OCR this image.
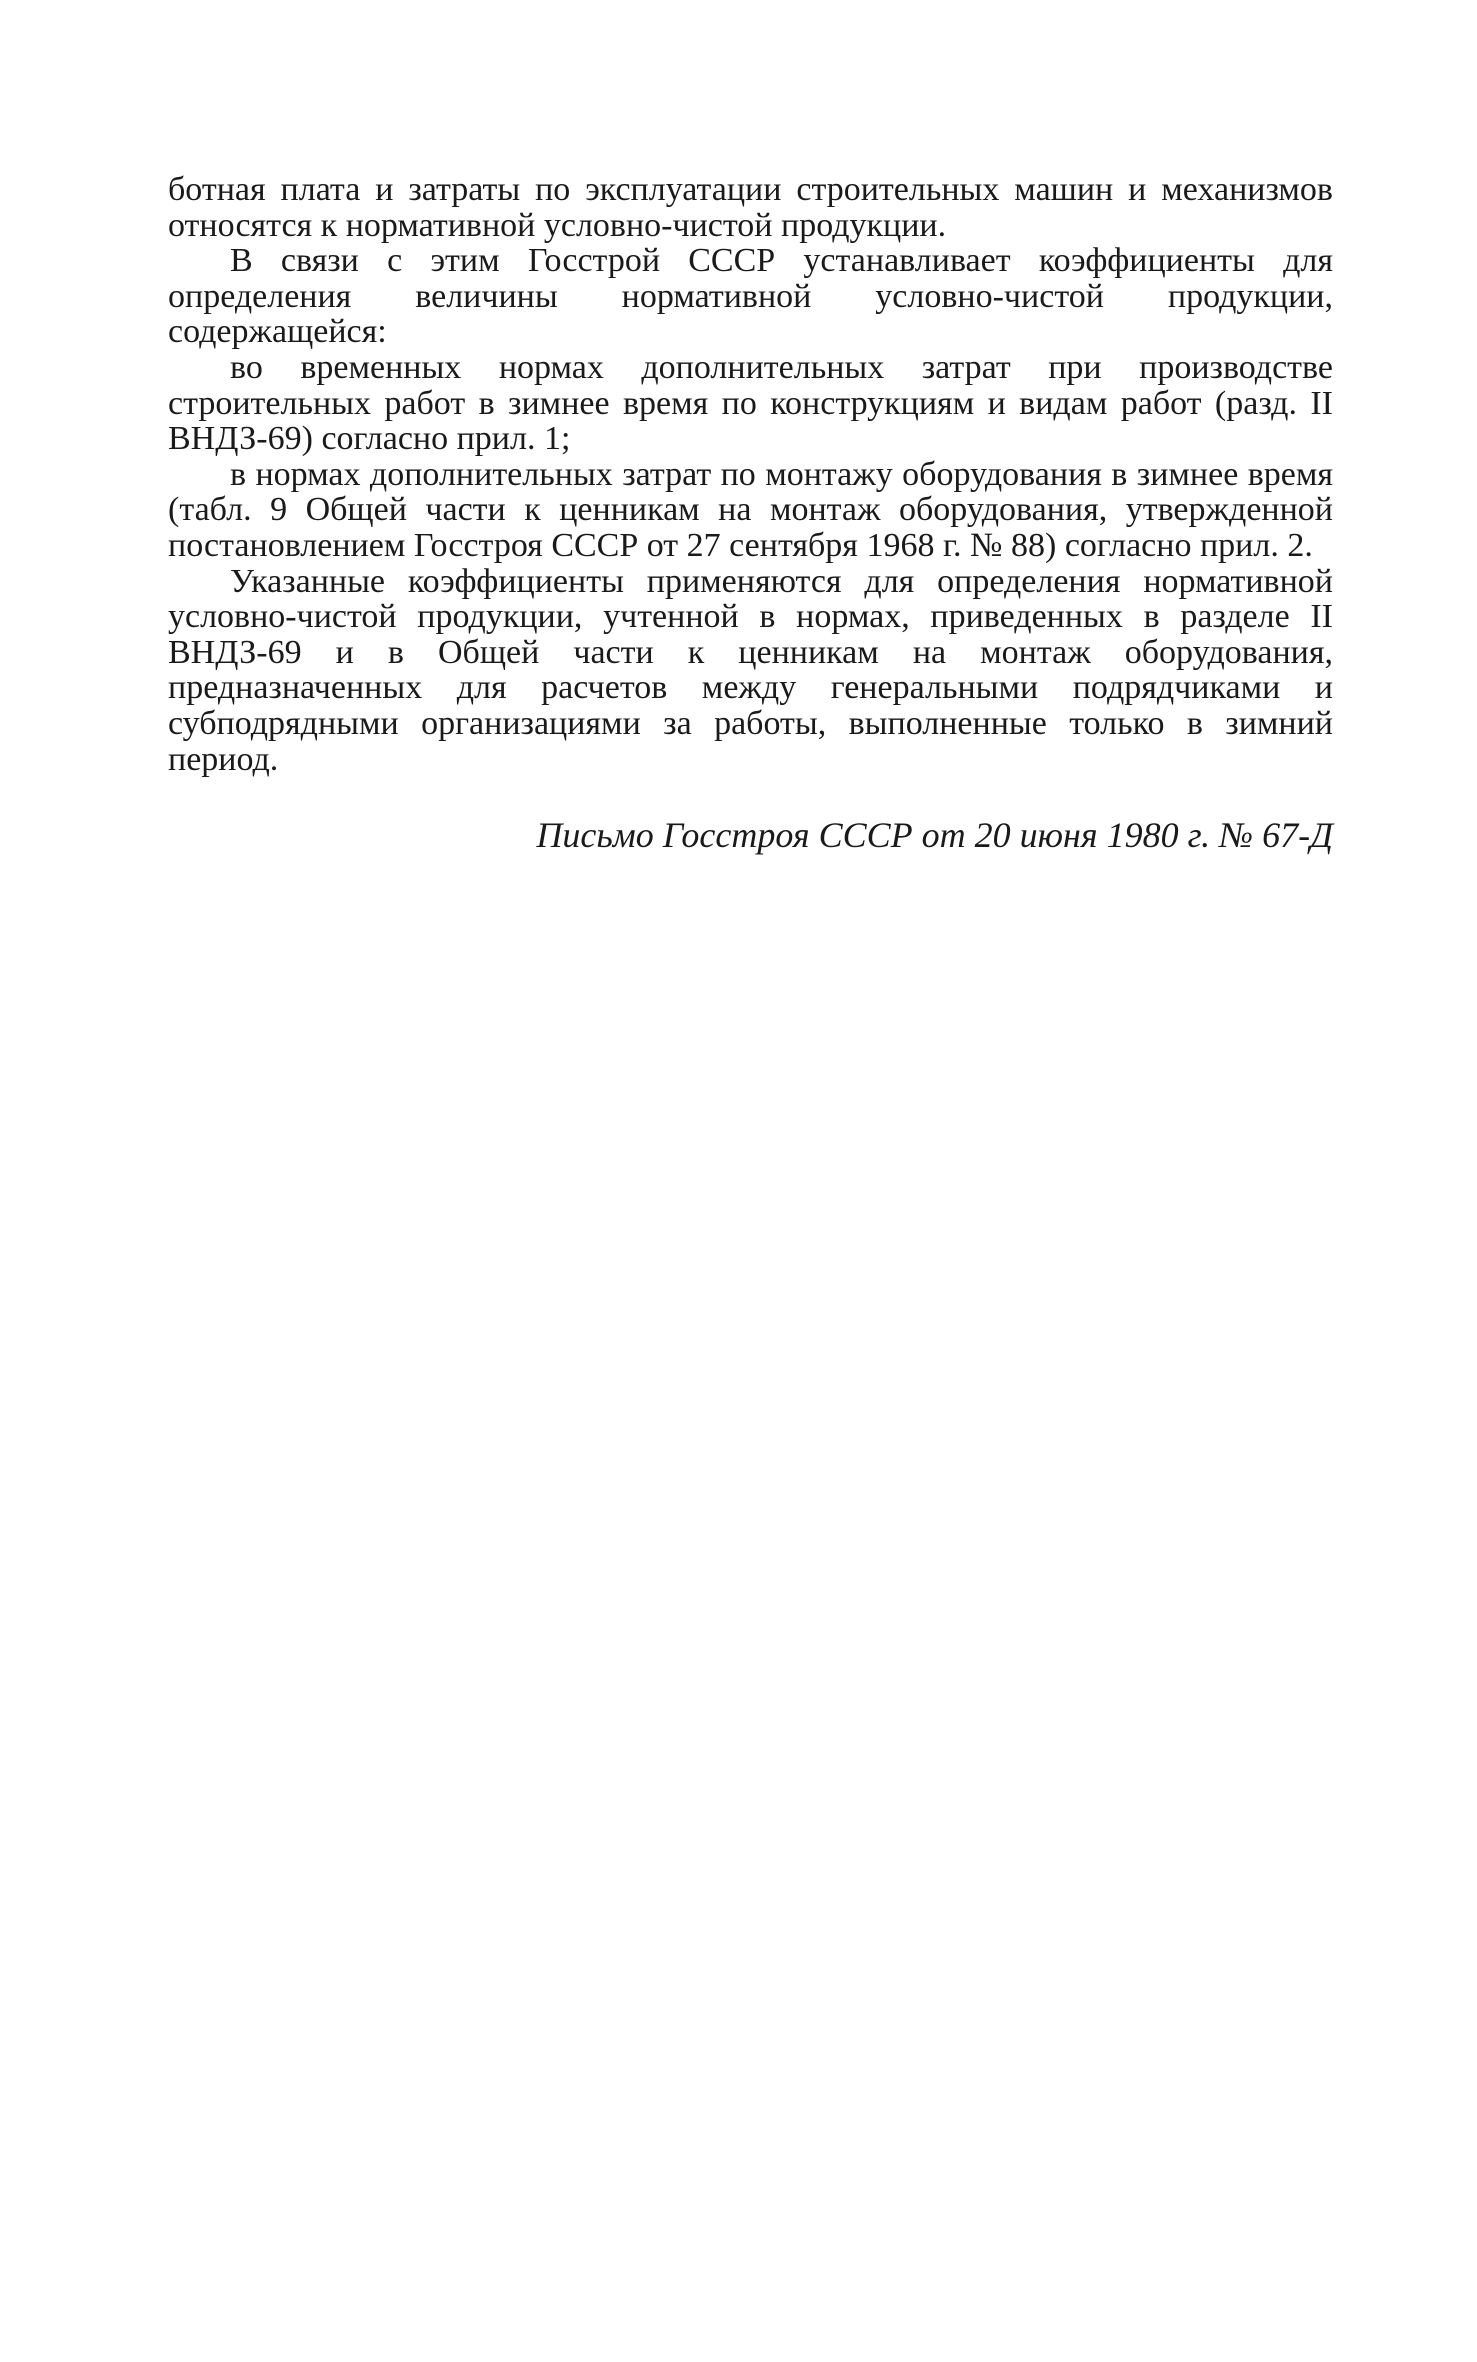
ботная плата и затраты по эксплуатации строительных машин и механизмов относятся к нормативной условно-чистой продукции.

В связи с этим Госстрой СССР устанавливает коэффициенты для определения величины нормативной условно-чистой продукции, содержащейся:

во временных нормах дополнительных затрат при производстве строительных работ в зимнее время по конструкциям и видам работ (разд. II ВНДЗ-69) согласно прил. 1;

в нормах дополнительных затрат по монтажу оборудования в зимнее время (табл. 9 Общей части к ценникам на монтаж оборудования, утвержденной постановлением Госстроя СССР от 27 сентября 1968 г. № 88) согласно прил. 2.

Указанные коэффициенты применяются для определения нормативной условно-чистой продукции, учтенной в нормах, приведенных в разделе II ВНДЗ-69 и в Общей части к ценникам на монтаж оборудования, предназначенных для расчетов между генеральными подрядчиками и субподрядными организациями за работы, выполненные только в зимний период.

Письмо Госстроя СССР от 20 июня 1980 г. № 67-Д
